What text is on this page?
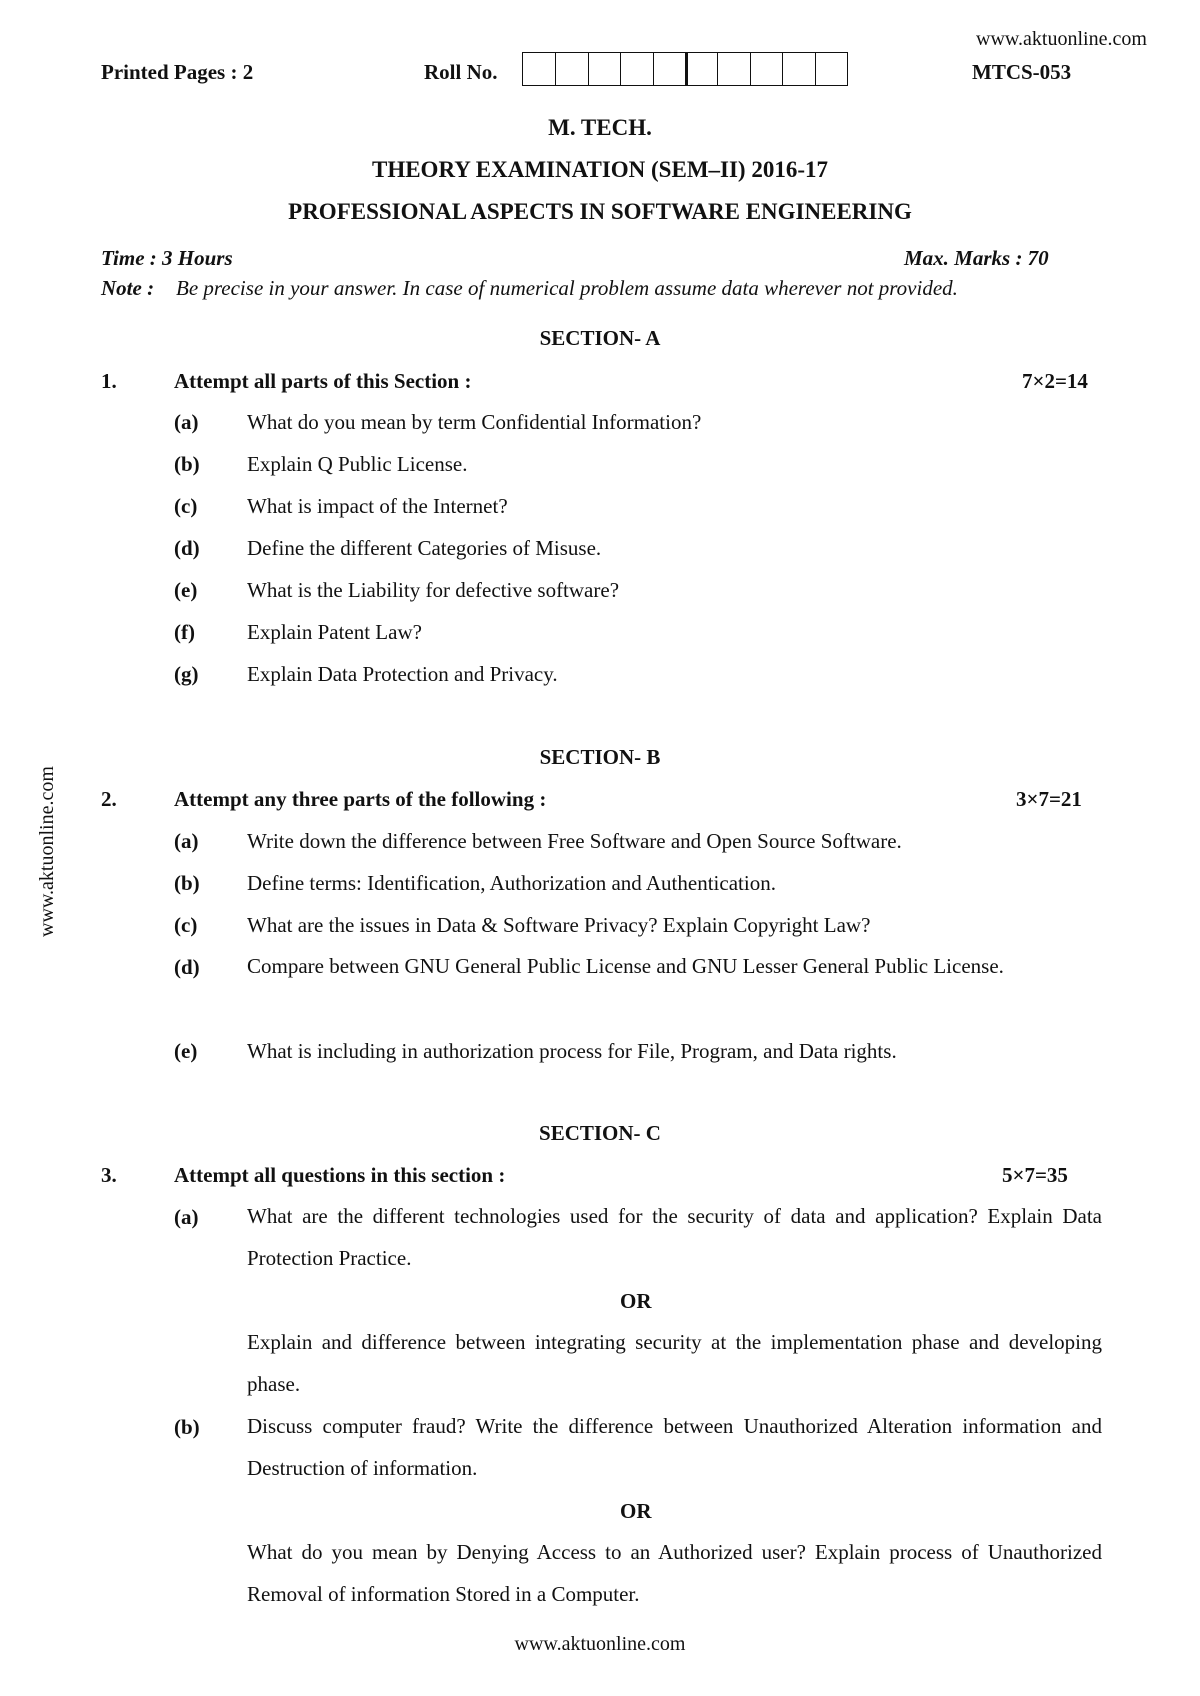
www.aktuonline.com
www.aktuonline.com
www.aktuonline.com
Printed Pages : 2	Roll No.	MTCS-053
M. TECH.
THEORY EXAMINATION (SEM–II) 2016-17
PROFESSIONAL ASPECTS IN SOFTWARE ENGINEERING
Time : 3 Hours	Max. Marks : 70
Note : Be precise in your answer. In case of numerical problem assume data wherever not provided.
SECTION- A
1.	Attempt all parts of this Section :	7×2=14
(a) What do you mean by term Confidential Information?
(b) Explain Q Public License.
(c) What is impact of the Internet?
(d) Define the different Categories of Misuse.
(e) What is the Liability for defective software?
(f) Explain Patent Law?
(g) Explain Data Protection and Privacy.
SECTION- B
2.	Attempt any three parts of the following :	3×7=21
(a) Write down the difference between Free Software and Open Source Software.
(b) Define terms: Identification, Authorization and Authentication.
(c) What are the issues in Data & Software Privacy? Explain Copyright Law?
(d) Compare between GNU General Public License and GNU Lesser General Public License.
(e) What is including in authorization process for File, Program, and Data rights.
SECTION- C
3.	Attempt all questions in this section :	5×7=35
(a) What are the different technologies used for the security of data and application? Explain Data Protection Practice.
OR
Explain and difference between integrating security at the implementation phase and developing phase.
(b) Discuss computer fraud? Write the difference between Unauthorized Alteration information and Destruction of information.
OR
What do you mean by Denying Access to an Authorized user? Explain process of Unauthorized Removal of information Stored in a Computer.
